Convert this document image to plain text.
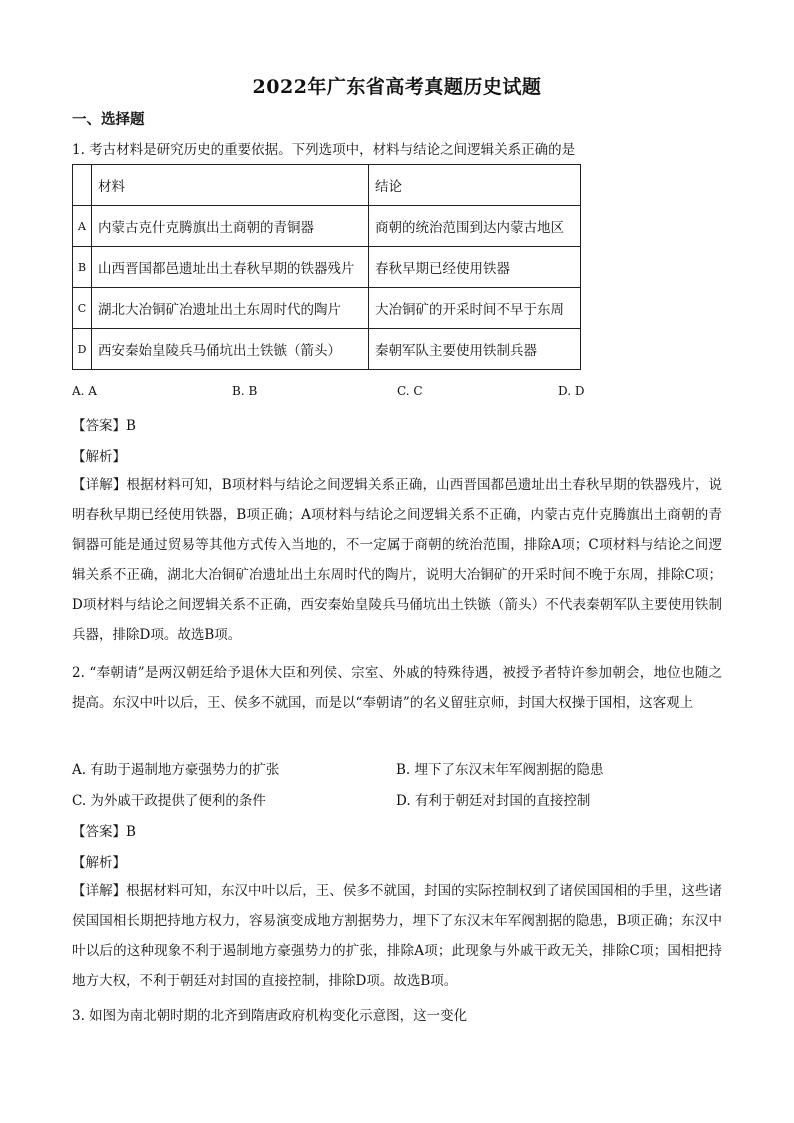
2022年广东省高考真题历史试题
一、选择题
1. 考古材料是研究历史的重要依据。下列选项中，材料与结论之间逻辑关系正确的是
	材料	结论
A	内蒙古克什克腾旗出土商朝的青铜器	商朝的统治范围到达内蒙古地区
B	山西晋国都邑遗址出土春秋早期的铁器残片	春秋早期已经使用铁器
C	湖北大冶铜矿冶遗址出土东周时代的陶片	大冶铜矿的开采时间不早于东周
D	西安秦始皇陵兵马俑坑出土铁镞（箭头）	秦朝军队主要使用铁制兵器
A. A	B. B	C. C	D. D
【答案】B
【解析】
【详解】根据材料可知，B项材料与结论之间逻辑关系正确，山西晋国都邑遗址出土春秋早期的铁器残片，说明春秋早期已经使用铁器，B项正确；A项材料与结论之间逻辑关系不正确，内蒙古克什克腾旗出土商朝的青铜器可能是通过贸易等其他方式传入当地的，不一定属于商朝的统治范围，排除A项；C项材料与结论之间逻辑关系不正确，湖北大冶铜矿冶遗址出土东周时代的陶片，说明大冶铜矿的开采时间不晚于东周，排除C项；D项材料与结论之间逻辑关系不正确，西安秦始皇陵兵马俑坑出土铁镞（箭头）不代表秦朝军队主要使用铁制兵器，排除D项。故选B项。
2. “奉朝请”是两汉朝廷给予退休大臣和列侯、宗室、外戚的特殊待遇，被授予者特许参加朝会，地位也随之提高。东汉中叶以后，王、侯多不就国，而是以“奉朝请”的名义留驻京师，封国大权操于国相，这客观上
A. 有助于遏制地方豪强势力的扩张	B. 埋下了东汉末年军阀割据的隐患
C. 为外戚干政提供了便利的条件	D. 有利于朝廷对封国的直接控制
【答案】B
【解析】
【详解】根据材料可知，东汉中叶以后，王、侯多不就国，封国的实际控制权到了诸侯国国相的手里，这些诸侯国国相长期把持地方权力，容易演变成地方割据势力，埋下了东汉末年军阀割据的隐患，B项正确；东汉中叶以后的这种现象不利于遏制地方豪强势力的扩张，排除A项；此现象与外戚干政无关，排除C项；国相把持地方大权，不利于朝廷对封国的直接控制，排除D项。故选B项。
3. 如图为南北朝时期的北齐到隋唐政府机构变化示意图，这一变化
